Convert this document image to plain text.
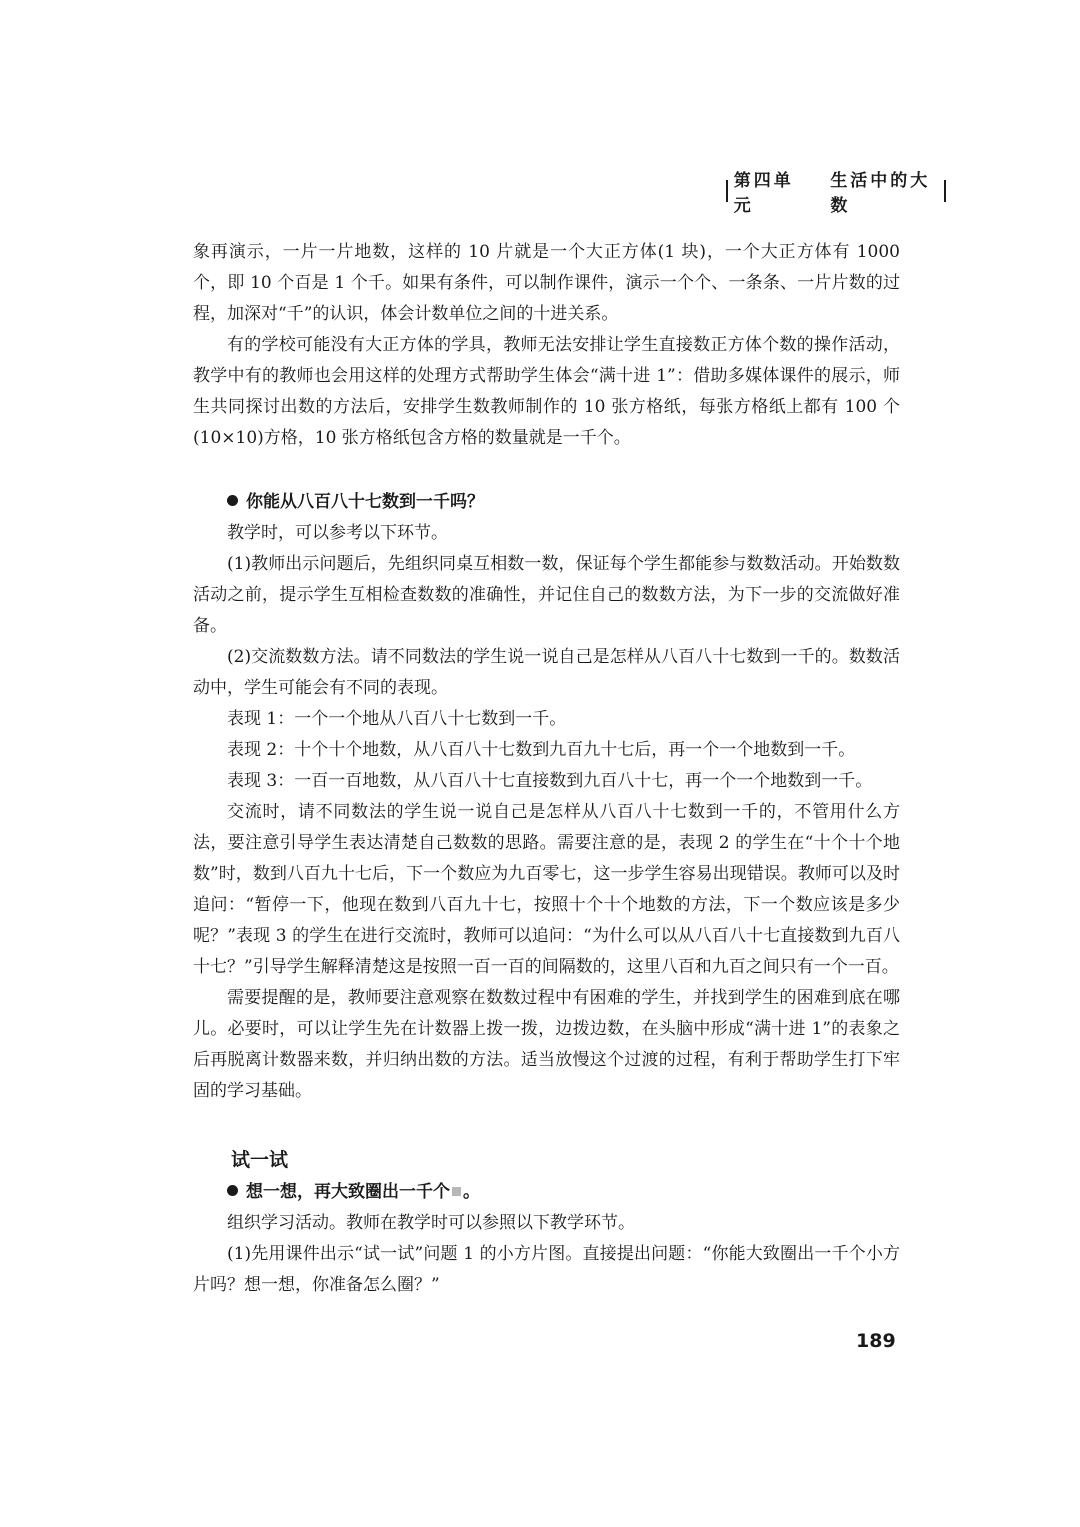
第四单元
生活中的大数

象再演示，一片一片地数，这样的 10 片就是一个大正方体(1 块)，一个大正方体有 1000 个，即 10 个百是 1 个千。如果有条件，可以制作课件，演示一个个、一条条、一片片数的过程，加深对“千”的认识，体会计数单位之间的十进关系。

有的学校可能没有大正方体的学具，教师无法安排让学生直接数正方体个数的操作活动，教学中有的教师也会用这样的处理方式帮助学生体会“满十进 1”：借助多媒体课件的展示，师生共同探讨出数的方法后，安排学生数教师制作的 10 张方格纸，每张方格纸上都有 100 个(10×10)方格，10 张方格纸包含方格的数量就是一千个。

你能从八百八十七数到一千吗？

教学时，可以参考以下环节。

(1)教师出示问题后，先组织同桌互相数一数，保证每个学生都能参与数数活动。开始数数活动之前，提示学生互相检查数数的准确性，并记住自己的数数方法，为下一步的交流做好准备。

(2)交流数数方法。请不同数法的学生说一说自己是怎样从八百八十七数到一千的。数数活动中，学生可能会有不同的表现。

表现 1：一个一个地从八百八十七数到一千。

表现 2：十个十个地数，从八百八十七数到九百九十七后，再一个一个地数到一千。

表现 3：一百一百地数，从八百八十七直接数到九百八十七，再一个一个地数到一千。

交流时，请不同数法的学生说一说自己是怎样从八百八十七数到一千的，不管用什么方法，要注意引导学生表达清楚自己数数的思路。需要注意的是，表现 2 的学生在“十个十个地数”时，数到八百九十七后，下一个数应为九百零七，这一步学生容易出现错误。教师可以及时追问：“暂停一下，他现在数到八百九十七，按照十个十个地数的方法，下一个数应该是多少呢？”表现 3 的学生在进行交流时，教师可以追问：“为什么可以从八百八十七直接数到九百八十七？”引导学生解释清楚这是按照一百一百的间隔数的，这里八百和九百之间只有一个一百。

需要提醒的是，教师要注意观察在数数过程中有困难的学生，并找到学生的困难到底在哪儿。必要时，可以让学生先在计数器上拨一拨，边拨边数，在头脑中形成“满十进 1”的表象之后再脱离计数器来数，并归纳出数的方法。适当放慢这个过渡的过程，有利于帮助学生打下牢固的学习基础。

试一试

想一想，再大致圈出一千个 。

组织学习活动。教师在教学时可以参照以下教学环节。

(1)先用课件出示“试一试”问题 1 的小方片图。直接提出问题：“你能大致圈出一千个小方片吗？想一想，你准备怎么圈？”

189
